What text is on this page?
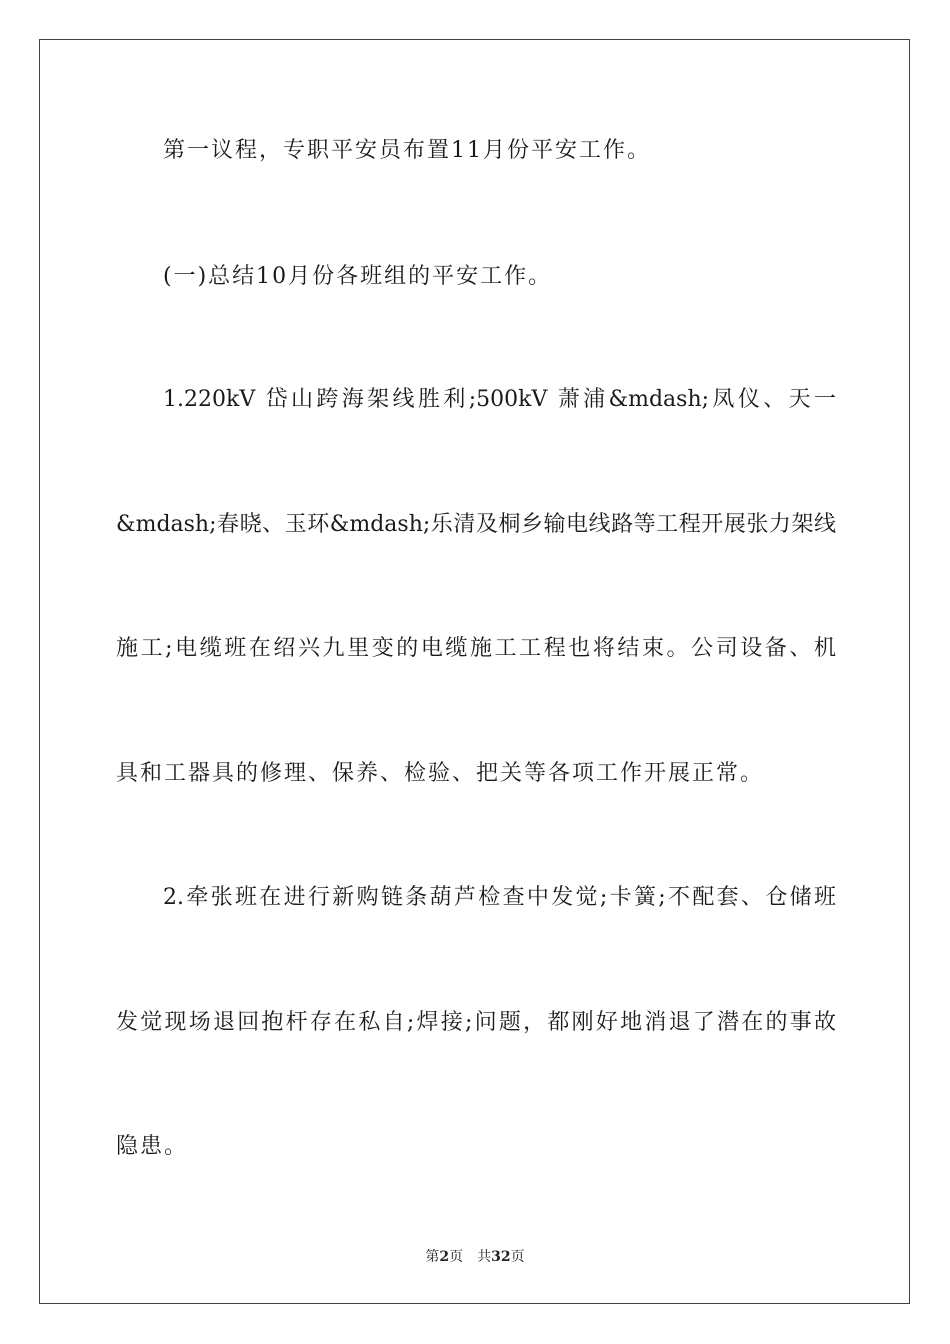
第一议程，专职平安员布置11月份平安工作。
(一)总结10月份各班组的平安工作。
1.220kV 岱山跨海架线胜利;500kV 萧浦&mdash;凤仪、天一
&mdash;春晓、玉环&mdash;乐清及桐乡输电线路等工程开展张力架线
施工;电缆班在绍兴九里变的电缆施工工程也将结束。公司设备、机
具和工器具的修理、保养、检验、把关等各项工作开展正常。
2.牵张班在进行新购链条葫芦检查中发觉;卡簧;不配套、仓储班
发觉现场退回抱杆存在私自;焊接;问题，都刚好地消退了潜在的事故
隐患。
第2页 共32页
